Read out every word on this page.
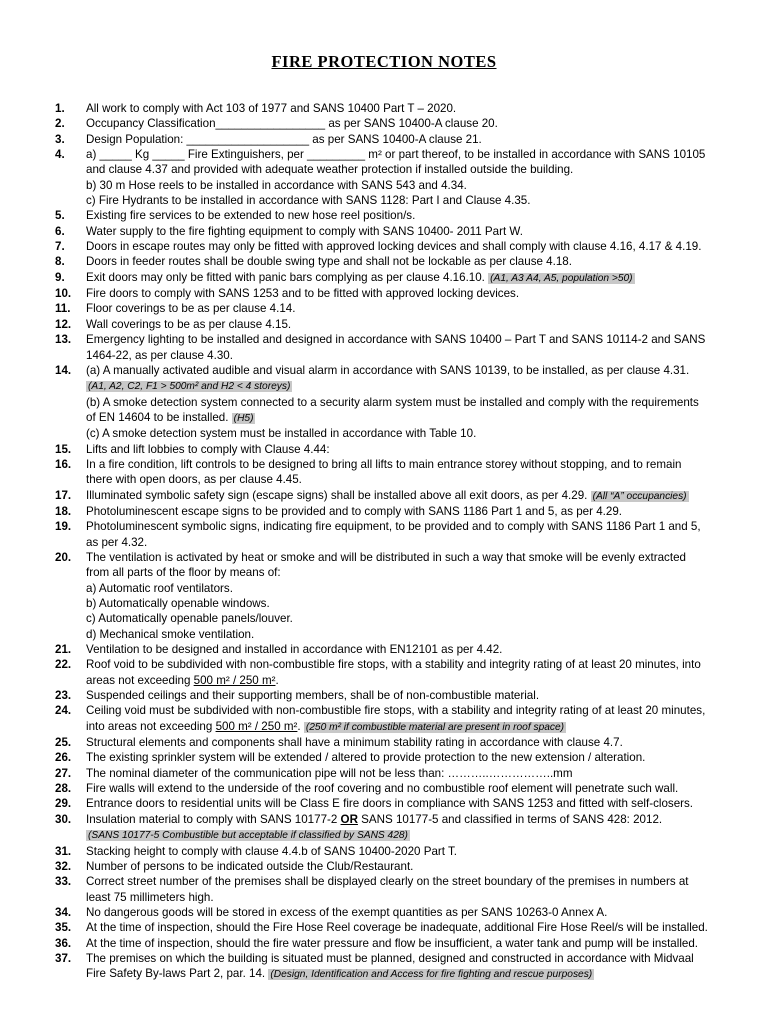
FIRE PROTECTION NOTES
1.	All work to comply with Act 103 of 1977 and SANS 10400 Part T – 2020.
2.	Occupancy Classification_________________ as per SANS 10400-A clause 20.
3.	Design Population: ___________________ as per SANS 10400-A clause 21.
4.	a) _____ Kg _____ Fire Extinguishers, per _________ m² or part thereof, to be installed in accordance with SANS 10105
and clause 4.37 and provided with adequate weather protection if installed outside the building.
b) 30 m Hose reels to be installed in accordance with SANS 543 and 4.34.
c) Fire Hydrants to be installed in accordance with SANS 1128: Part I and Clause 4.35.
5.	Existing fire services to be extended to new hose reel position/s.
6.	Water supply to the fire fighting equipment to comply with SANS 10400- 2011 Part W.
7.	Doors in escape routes may only be fitted with approved locking devices and shall comply with clause 4.16, 4.17 & 4.19.
8.	Doors in feeder routes shall be double swing type and shall not be lockable as per clause 4.18.
9.	Exit doors may only be fitted with panic bars complying as per clause 4.16.10. (A1, A3 A4, A5, population >50)
10.	Fire doors to comply with SANS 1253 and to be fitted with approved locking devices.
11.	Floor coverings to be as per clause 4.14.
12.	Wall coverings to be as per clause 4.15.
13.	Emergency lighting to be installed and designed in accordance with SANS 10400 – Part T and SANS 10114-2 and SANS
1464-22, as per clause 4.30.
14.	(a) A manually activated audible and visual alarm in accordance with SANS 10139, to be installed, as per clause 4.31.
(A1, A2, C2, F1 > 500m² and H2 < 4 storeys)
(b) A smoke detection system connected to a security alarm system must be installed and comply with the requirements
of EN 14604 to be installed. (H5)
(c) A smoke detection system must be installed in accordance with Table 10.
15.	Lifts and lift lobbies to comply with Clause 4.44:
16.	In a fire condition, lift controls to be designed to bring all lifts to main entrance storey without stopping, and to remain
there with open doors, as per clause 4.45.
17.	Illuminated symbolic safety sign (escape signs) shall be installed above all exit doors, as per 4.29. (All “A” occupancies)
18.	Photoluminescent escape signs to be provided and to comply with SANS 1186 Part 1 and 5, as per 4.29.
19.	Photoluminescent symbolic signs, indicating fire equipment, to be provided and to comply with SANS 1186 Part 1 and 5,
as per 4.32.
20.	The ventilation is activated by heat or smoke and will be distributed in such a way that smoke will be evenly extracted
from all parts of the floor by means of:
a) Automatic roof ventilators.
b) Automatically openable windows.
c) Automatically openable panels/louver.
d) Mechanical smoke ventilation.
21.	Ventilation to be designed and installed in accordance with EN12101 as per 4.42.
22.	Roof void to be subdivided with non-combustible fire stops, with a stability and integrity rating of at least 20 minutes, into
areas not exceeding 500 m² / 250 m².
23.	Suspended ceilings and their supporting members, shall be of non-combustible material.
24.	Ceiling void must be subdivided with non-combustible fire stops, with a stability and integrity rating of at least 20 minutes,
into areas not exceeding 500 m² / 250 m². (250 m² if combustible material are present in roof space)
25.	Structural elements and components shall have a minimum stability rating in accordance with clause 4.7.
26.	The existing sprinkler system will be extended / altered to provide protection to the new extension / alteration.
27.	The nominal diameter of the communication pipe will not be less than: ………..……………..mm
28.	Fire walls will extend to the underside of the roof covering and no combustible roof element will penetrate such wall.
29.	Entrance doors to residential units will be Class E fire doors in compliance with SANS 1253 and fitted with self-closers.
30.	Insulation material to comply with SANS 10177-2 OR SANS 10177-5 and classified in terms of SANS 428: 2012.
(SANS 10177-5 Combustible but acceptable if classified by SANS 428)
31.	Stacking height to comply with clause 4.4.b of SANS 10400-2020 Part T.
32.	Number of persons to be indicated outside the Club/Restaurant.
33.	Correct street number of the premises shall be displayed clearly on the street boundary of the premises in numbers at
least 75 millimeters high.
34.	No dangerous goods will be stored in excess of the exempt quantities as per SANS 10263-0 Annex A.
35.	At the time of inspection, should the Fire Hose Reel coverage be inadequate, additional Fire Hose Reel/s will be installed.
36.	At the time of inspection, should the fire water pressure and flow be insufficient, a water tank and pump will be installed.
37.	The premises on which the building is situated must be planned, designed and constructed in accordance with Midvaal
Fire Safety By-laws Part 2, par. 14. (Design, Identification and Access for fire fighting and rescue purposes)
